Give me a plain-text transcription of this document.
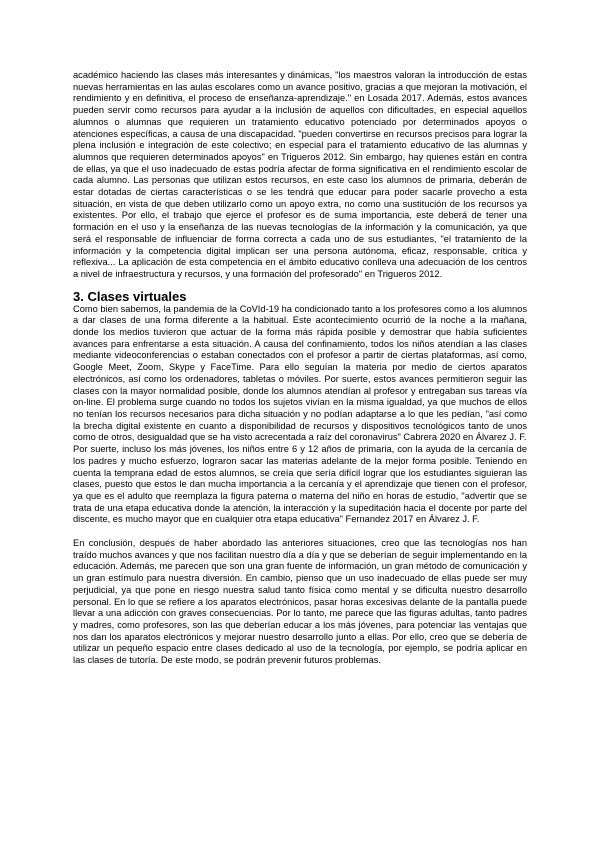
académico haciendo las clases más interesantes y dinámicas, "los maestros valoran la introducción de estas nuevas herramientas en las aulas escolares como un avance positivo, gracias a que mejoran la motivación, el rendimiento y en definitiva, el proceso de enseñanza-aprendizaje." en Losada 2017. Además, estos avances pueden servir como recursos para ayudar a la inclusión de aquellos con dificultades, en especial aquellos alumnos o alumnas que requieren un tratamiento educativo potenciado por determinados apoyos o atenciones específicas, a causa de una discapacidad. "pueden convertirse en recursos precisos para lograr la plena inclusión e integración de este colectivo; en especial para el tratamiento educativo de las alumnas y alumnos que requieren determinados apoyos" en Trigueros 2012. Sin embargo, hay quienes están en contra de ellas, ya que el uso inadecuado de estas podría afectar de forma significativa en el rendimiento escolar de cada alumno. Las personas que utilizan estos recursos, en este caso los alumnos de primaria, deberán de estar dotadas de ciertas características o se les tendrá que educar para poder sacarle provecho a esta situación, en vista de que deben utilizarlo como un apoyo extra, no como una sustitución de los recursos ya existentes. Por ello, el trabajo que ejerce el profesor es de suma importancia, este deberá de tener una formación en el uso y la enseñanza de las nuevas tecnologías de la información y la comunicación, ya que será el responsable de influenciar de forma correcta a cada uno de sus estudiantes, "el tratamiento de la información y la competencia digital implican ser una persona autónoma, eficaz, responsable, crítica y reflexiva... La aplicación de esta competencia en el ámbito educativo conlleva una adecuación de los centros a nivel de infraestructura y recursos, y una formación del profesorado" en Trigueros 2012.

3. Clases virtuales

Como bien sabemos, la pandemia de la CoVId-19 ha condicionado tanto a los profesores como a los alumnos a dar clases de una forma diferente a la habitual. Este acontecimiento ocurrió de la noche a la mañana, donde los medios tuvieron que actuar de la forma más rápida posible y demostrar que había suficientes avances para enfrentarse a esta situación. A causa del confinamiento, todos los niños atendían a las clases mediante videoconferencias o estaban conectados con el profesor a partir de ciertas plataformas, así como, Google Meet, Zoom, Skype y FaceTime. Para ello seguían la materia por medio de ciertos aparatos electrónicos, así como los ordenadores, tabletas o móviles. Por suerte, estos avances permitieron seguir las clases con la mayor normalidad posible, donde los alumnos atendían al profesor y entregaban sus tareas vía on-line. El problema surge cuando no todos los sujetos vivían en la misma igualdad, ya que muchos de ellos no tenían los recursos necesarios para dicha situación y no podían adaptarse a lo que les pedían, "así como la brecha digital existente en cuanto a disponibilidad de recursos y dispositivos tecnológicos tanto de unos como de otros, desigualdad que se ha visto acrecentada a raíz del coronavirus" Cabrera 2020 en Álvarez J. F.

Por suerte, incluso los más jóvenes, los niños entre 6 y 12 años de primaria, con la ayuda de la cercanía de los padres y mucho esfuerzo, lograron sacar las materias adelante de la mejor forma posible. Teniendo en cuenta la temprana edad de estos alumnos, se creía que sería difícil lograr que los estudiantes siguieran las clases, puesto que estos le dan mucha importancia a la cercanía y el aprendizaje que tienen con el profesor, ya que es el adulto que reemplaza la figura paterna o materna del niño en horas de estudio, "advertir que se trata de una etapa educativa donde la atención, la interacción y la supeditación hacia el docente por parte del discente, es mucho mayor que en cualquier otra etapa educativa" Fernandez 2017 en Álvarez J. F.

En conclusión, después de haber abordado las anteriores situaciones, creo que las tecnologías nos han traído muchos avances y que nos facilitan nuestro día a día y que se deberían de seguir implementando en la educación. Además, me parecen que son una gran fuente de información, un gran método de comunicación y un gran estímulo para nuestra diversión. En cambio, pienso que un uso inadecuado de ellas puede ser muy perjudicial, ya que pone en riesgo nuestra salud tanto física como mental y se dificulta nuestro desarrollo personal. En lo que se refiere a los aparatos electrónicos, pasar horas excesivas delante de la pantalla puede llevar a una adicción con graves consecuencias. Por lo tanto, me parece que las figuras adultas, tanto padres y madres, como profesores, son las que deberían educar a los más jóvenes, para potenciar las ventajas que nos dan los aparatos electrónicos y mejorar nuestro desarrollo junto a ellas. Por ello, creo que se debería de utilizar un pequeño espacio entre clases dedicado al uso de la tecnología, por ejemplo, se podría aplicar en las clases de tutoría. De este modo, se podrán prevenir futuros problemas.
